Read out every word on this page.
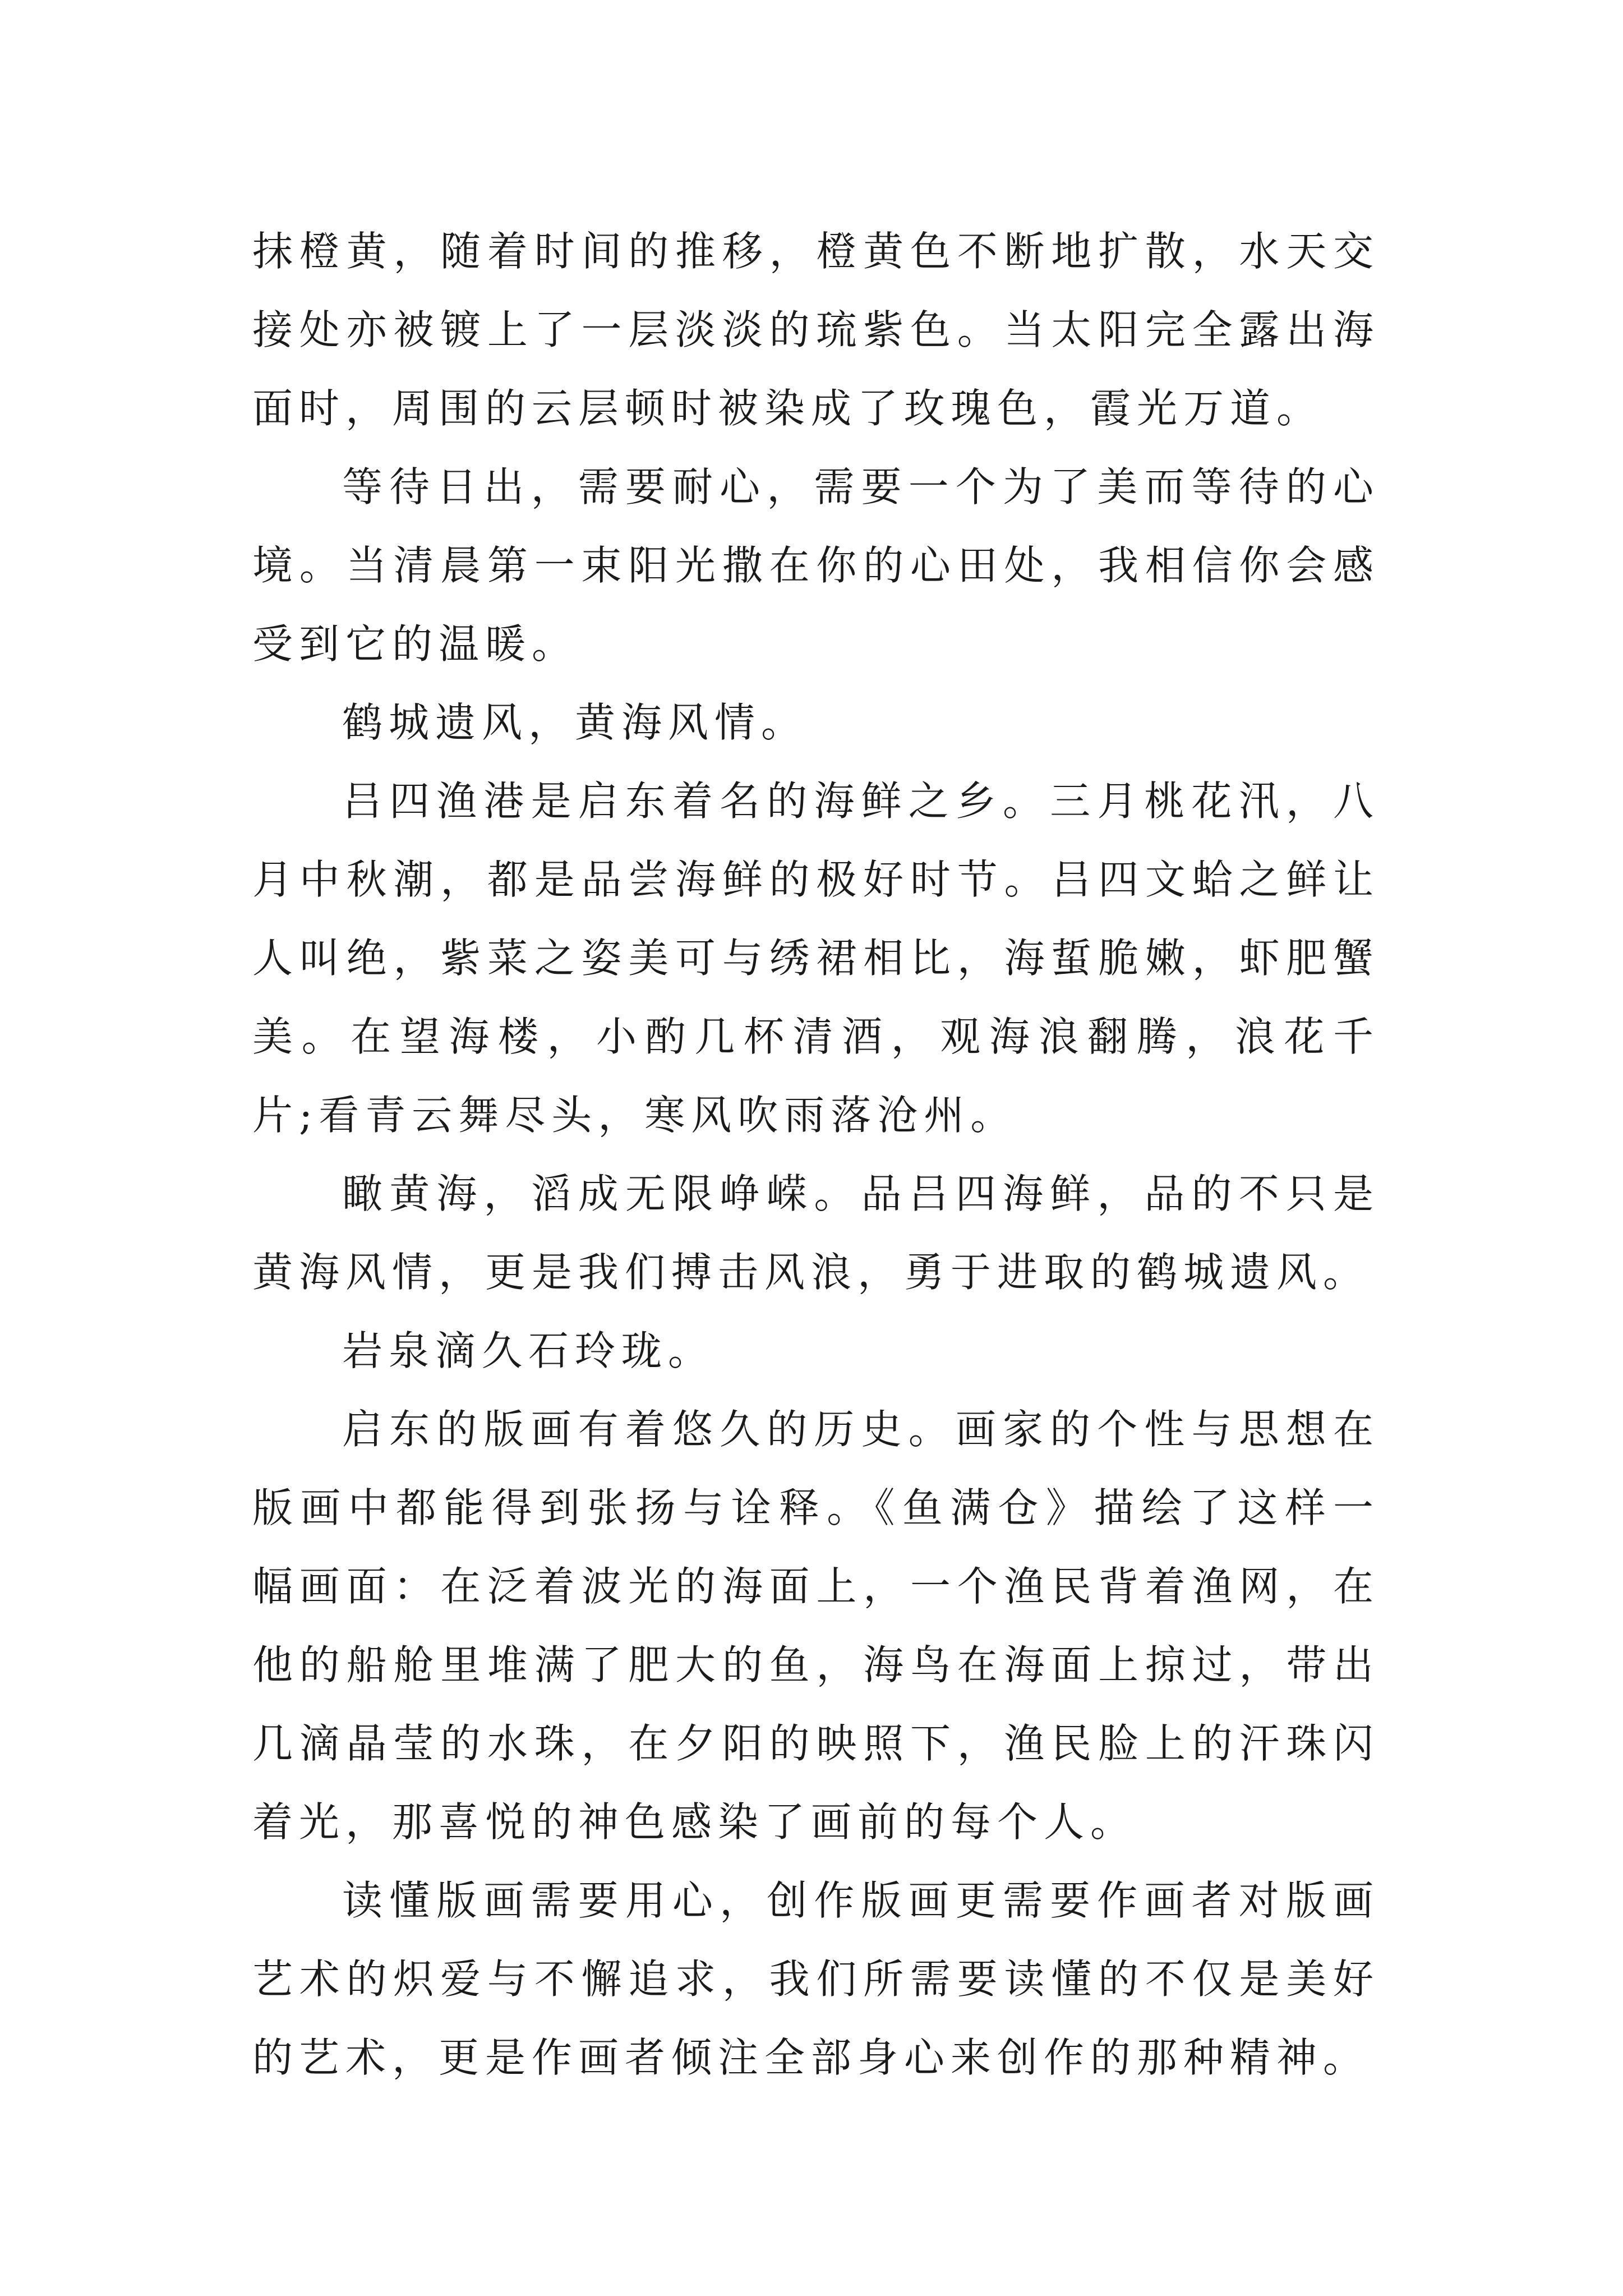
抹橙黄，随着时间的推移，橙黄色不断地扩散，水天交接处亦被镀上了一层淡淡的琉紫色。当太阳完全露出海面时，周围的云层顿时被染成了玫瑰色，霞光万道。

等待日出，需要耐心，需要一个为了美而等待的心境。当清晨第一束阳光撒在你的心田处，我相信你会感受到它的温暖。

鹤城遗风，黄海风情。

吕四渔港是启东着名的海鲜之乡。三月桃花汛，八月中秋潮，都是品尝海鲜的极好时节。吕四文蛤之鲜让人叫绝，紫菜之姿美可与绣裙相比，海蜇脆嫩，虾肥蟹美。在望海楼，小酌几杯清酒，观海浪翻腾，浪花千片;看青云舞尽头，寒风吹雨落沧州。

瞰黄海，滔成无限峥嵘。品吕四海鲜，品的不只是黄海风情，更是我们搏击风浪，勇于进取的鹤城遗风。

岩泉滴久石玲珑。

启东的版画有着悠久的历史。画家的个性与思想在版画中都能得到张扬与诠释。《鱼满仓》描绘了这样一幅画面：在泛着波光的海面上，一个渔民背着渔网，在他的船舱里堆满了肥大的鱼，海鸟在海面上掠过，带出几滴晶莹的水珠，在夕阳的映照下，渔民脸上的汗珠闪着光，那喜悦的神色感染了画前的每个人。

读懂版画需要用心，创作版画更需要作画者对版画艺术的炽爱与不懈追求，我们所需要读懂的不仅是美好的艺术，更是作画者倾注全部身心来创作的那种精神。
